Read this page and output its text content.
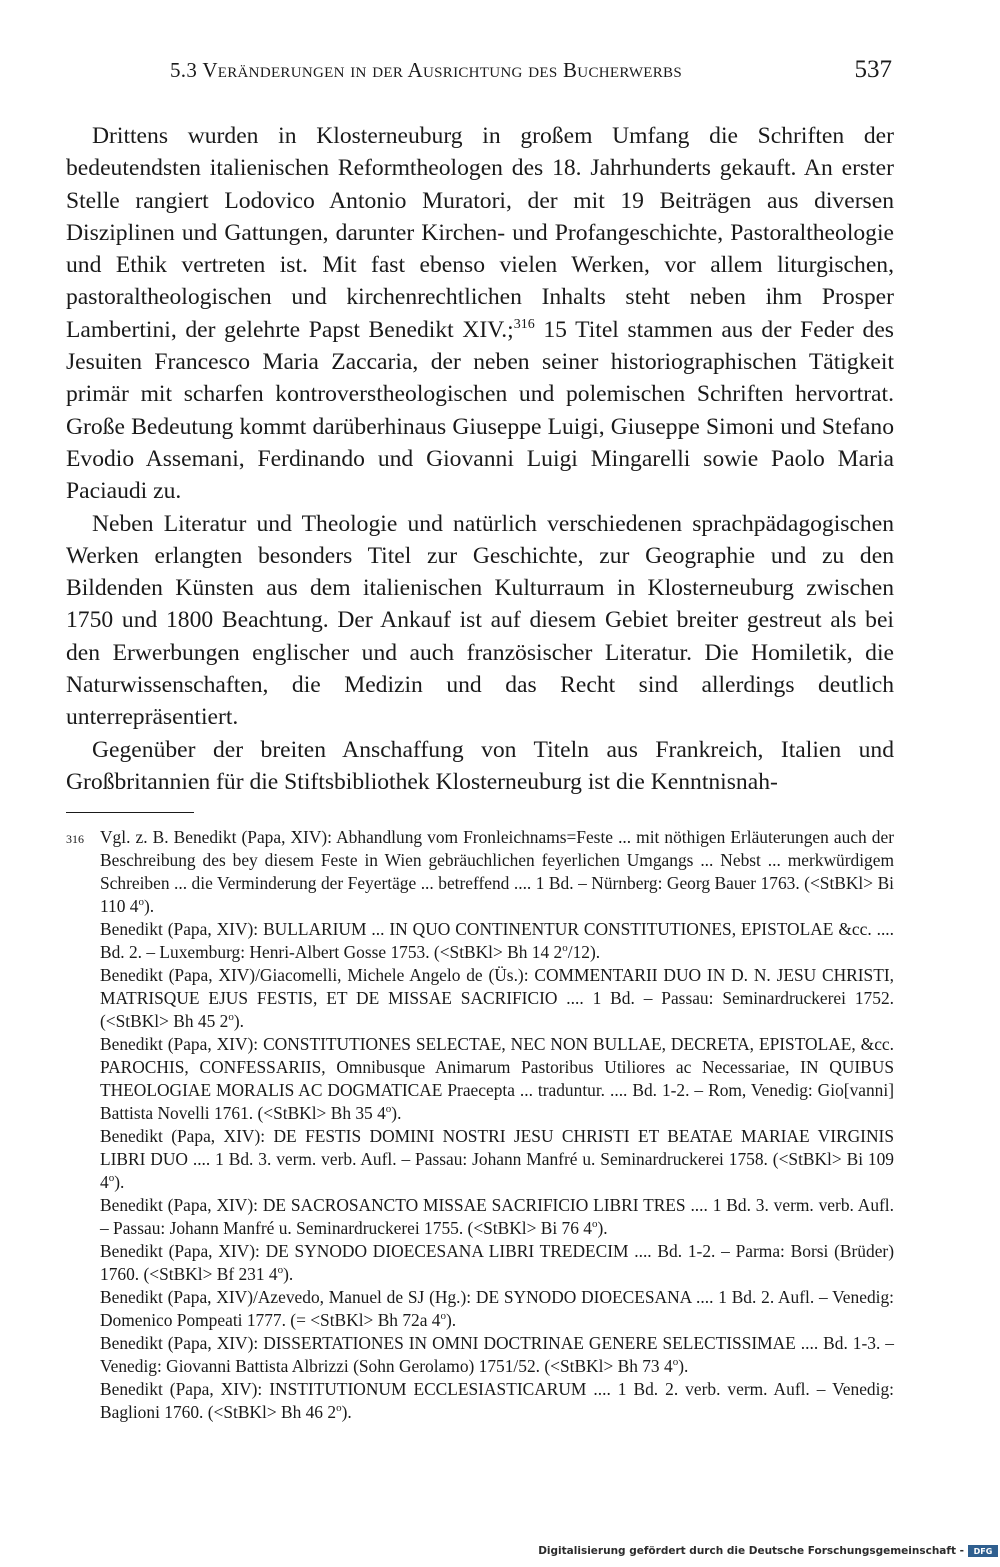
5.3 Veränderungen in der Ausrichtung des Bucherwerbs	537

Drittens wurden in Klosterneuburg in großem Umfang die Schriften der bedeutendsten italienischen Reformtheologen des 18. Jahrhunderts gekauft. An erster Stelle rangiert Lodovico Antonio Muratori, der mit 19 Beiträgen aus diversen Disziplinen und Gattungen, darunter Kirchen- und Profangeschichte, Pastoraltheologie und Ethik vertreten ist. Mit fast ebenso vielen Werken, vor allem liturgischen, pastoraltheologischen und kirchenrechtlichen Inhalts steht neben ihm Prosper Lambertini, der gelehrte Papst Benedikt XIV.;$^{316}$ 15 Titel stammen aus der Feder des Jesuiten Francesco Maria Zaccaria, der neben seiner historiographischen Tätigkeit primär mit scharfen kontroverstheologischen und polemischen Schriften hervortrat. Große Bedeutung kommt darüberhinaus Giuseppe Luigi, Giuseppe Simoni und Stefano Evodio Assemani, Ferdinando und Giovanni Luigi Mingarelli sowie Paolo Maria Paciaudi zu.

Neben Literatur und Theologie und natürlich verschiedenen sprachpädagogischen Werken erlangten besonders Titel zur Geschichte, zur Geographie und zu den Bildenden Künsten aus dem italienischen Kulturraum in Klosterneuburg zwischen 1750 und 1800 Beachtung. Der Ankauf ist auf diesem Gebiet breiter gestreut als bei den Erwerbungen englischer und auch französischer Literatur. Die Homiletik, die Naturwissenschaften, die Medizin und das Recht sind allerdings deutlich unterrepräsentiert.

Gegenüber der breiten Anschaffung von Titeln aus Frankreich, Italien und Großbritannien für die Stiftsbibliothek Klosterneuburg ist die Kenntnisnah-

316 Vgl. z. B. Benedikt (Papa, XIV): Abhandlung vom Fronleichnams=Feste ... mit nöthigen Erläuterungen auch der Beschreibung des bey diesem Feste in Wien gebräuchlichen feyerlichen Umgangs ... Nebst ... merkwürdigem Schreiben ... die Verminderung der Feyertäge ... betreffend .... 1 Bd. – Nürnberg: Georg Bauer 1763. (<StBKl> Bi 110 4$^o$).

Benedikt (Papa, XIV): BULLARIUM ... IN QUO CONTINENTUR CONSTITUTIONES, EPISTOLAE &cc. .... Bd. 2. – Luxemburg: Henri-Albert Gosse 1753. (<StBKl> Bh 14 2$^o$/12).

Benedikt (Papa, XIV)/Giacomelli, Michele Angelo de (Üs.): COMMENTARII DUO IN D. N. JESU CHRISTI, MATRISQUE EJUS FESTIS, ET DE MISSAE SACRIFICIO .... 1 Bd. – Passau: Seminardruckerei 1752. (<StBKl> Bh 45 2$^o$).

Benedikt (Papa, XIV): CONSTITUTIONES SELECTAE, NEC NON BULLAE, DECRETA, EPISTOLAE, &cc. PAROCHIS, CONFESSARIIS, Omnibusque Animarum Pastoribus Utiliores ac Necessariae, IN QUIBUS THEOLOGIAE MORALIS AC DOGMATICAE Praecepta ... traduntur. .... Bd. 1-2. – Rom, Venedig: Gio[vanni] Battista Novelli 1761. (<StBKl> Bh 35 4$^o$).

Benedikt (Papa, XIV): DE FESTIS DOMINI NOSTRI JESU CHRISTI ET BEATAE MARIAE VIRGINIS LIBRI DUO .... 1 Bd. 3. verm. verb. Aufl. – Passau: Johann Manfré u. Seminardruckerei 1758. (<StBKl> Bi 109 4$^o$).

Benedikt (Papa, XIV): DE SACROSANCTO MISSAE SACRIFICIO LIBRI TRES .... 1 Bd. 3. verm. verb. Aufl. – Passau: Johann Manfré u. Seminardruckerei 1755. (<StBKl> Bi 76 4$^o$).

Benedikt (Papa, XIV): DE SYNODO DIOECESANA LIBRI TREDECIM .... Bd. 1-2. – Parma: Borsi (Brüder) 1760. (<StBKl> Bf 231 4$^o$).

Benedikt (Papa, XIV)/Azevedo, Manuel de SJ (Hg.): DE SYNODO DIOECESANA .... 1 Bd. 2. Aufl. – Venedig: Domenico Pompeati 1777. (= <StBKl> Bh 72a 4$^o$).

Benedikt (Papa, XIV): DISSERTATIONES IN OMNI DOCTRINAE GENERE SELECTISSIMAE .... Bd. 1-3. – Venedig: Giovanni Battista Albrizzi (Sohn Gerolamo) 1751/52. (<StBKl> Bh 73 4$^o$).

Benedikt (Papa, XIV): INSTITUTIONUM ECCLESIASTICARUM .... 1 Bd. 2. verb. verm. Aufl. – Venedig: Baglioni 1760. (<StBKl> Bh 46 2$^o$).

Digitalisierung gefördert durch die Deutsche Forschungsgemeinschaft -	DFG
